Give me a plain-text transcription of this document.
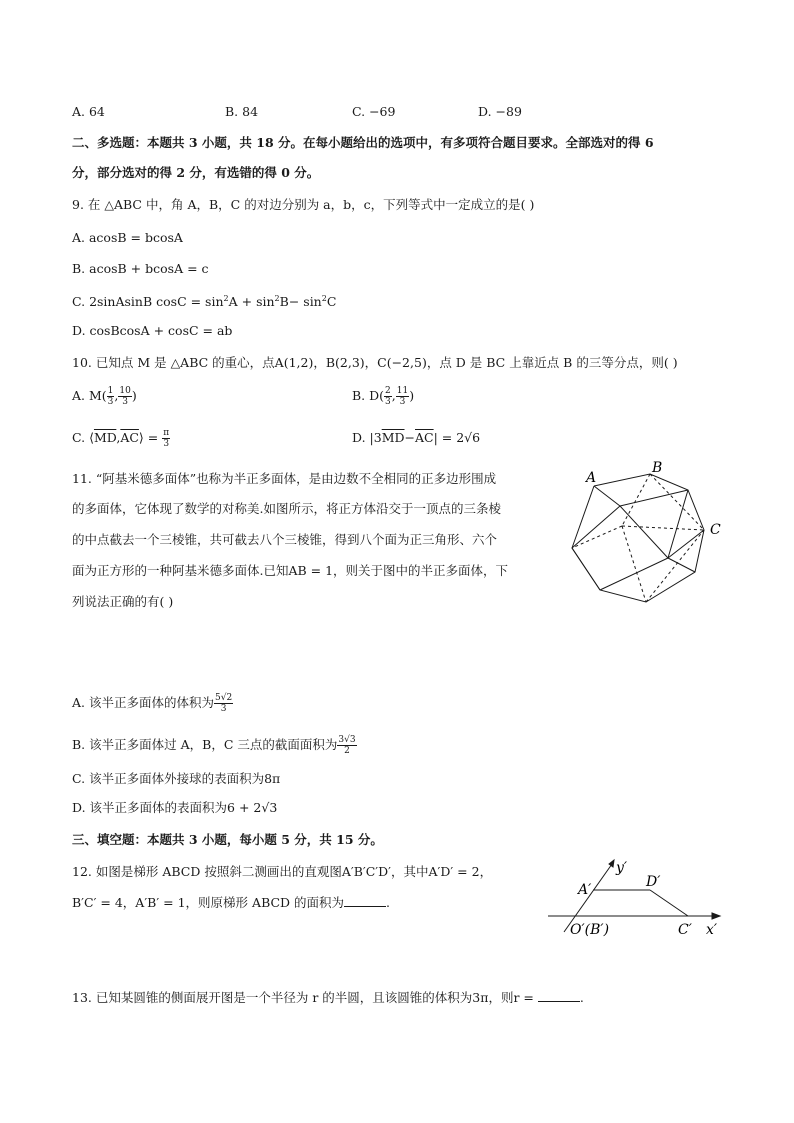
A. 64	B. 84	C. −69	D. −89
二、多选题：本题共 3 小题，共 18 分。在每小题给出的选项中，有多项符合题目要求。全部选对的得 6
分，部分选对的得 2 分，有选错的得 0 分。
9. 在 △ABC 中，角 A，B，C 的对边分别为 a，b，c，下列等式中一定成立的是( )
A. acosB = bcosA
B. acosB + bcosA = c
C. 2sinAsinB $\cos C = \sin^2A + \sin^2B- \sin^2C$
D. cosBcosA + cosC = ab
10. 已知点 M 是 △ABC 的重心，点A(1,2)，B(2,3)，C(−2,5)，点 D 是 BC 上靠近点 B 的三等分点，则( )
A. $M( \frac{1}{3}$ , $\frac{10}{3}$ )	B. $D( \frac{2}{3}$ , $\frac{11}{3}$ )
C. $⟨\overline{MD},\overline{AC}⟩ = \frac{\pi}{3}$	D. $|3\overline{MD}-\overline{AC}| = 2√6$
11. “阿基米德多面体”也称为半正多面体，是由边数不全相同的正多边形围成
的多面体，它体现了数学的对称美.如图所示，将正方体沿交于一顶点的三条棱
的中点截去一个三棱锥，共可截去八个三棱锥，得到八个面为正三角形、六个
面为正方形的一种阿基米德多面体.已知AB = 1，则关于图中的半正多面体，下
列说法正确的有( )
A
B
C
A. 该半正多面体的体积为 $\frac{5√2}{3}$
B. 该半正多面体过 A，B，C 三点的截面面积为 $\frac{3√3}{2}$
C. 该半正多面体外接球的表面积为8π
D. 该半正多面体的表面积为6 + 2√3
三、填空题：本题共 3 小题，每小题 5 分，共 15 分。
12. 如图是梯形 ABCD 按照斜二测画出的直观图A′B′C′D′，其中A′D′ = 2，
B′C′ = 4，A′B′ = 1，则原梯形 ABCD 的面积为	.
y′
A′	D′
O′(B′)	C′ x′
13. 已知某圆锥的侧面展开图是一个半径为 r 的半圆，且该圆锥的体积为3π，则r =	.
